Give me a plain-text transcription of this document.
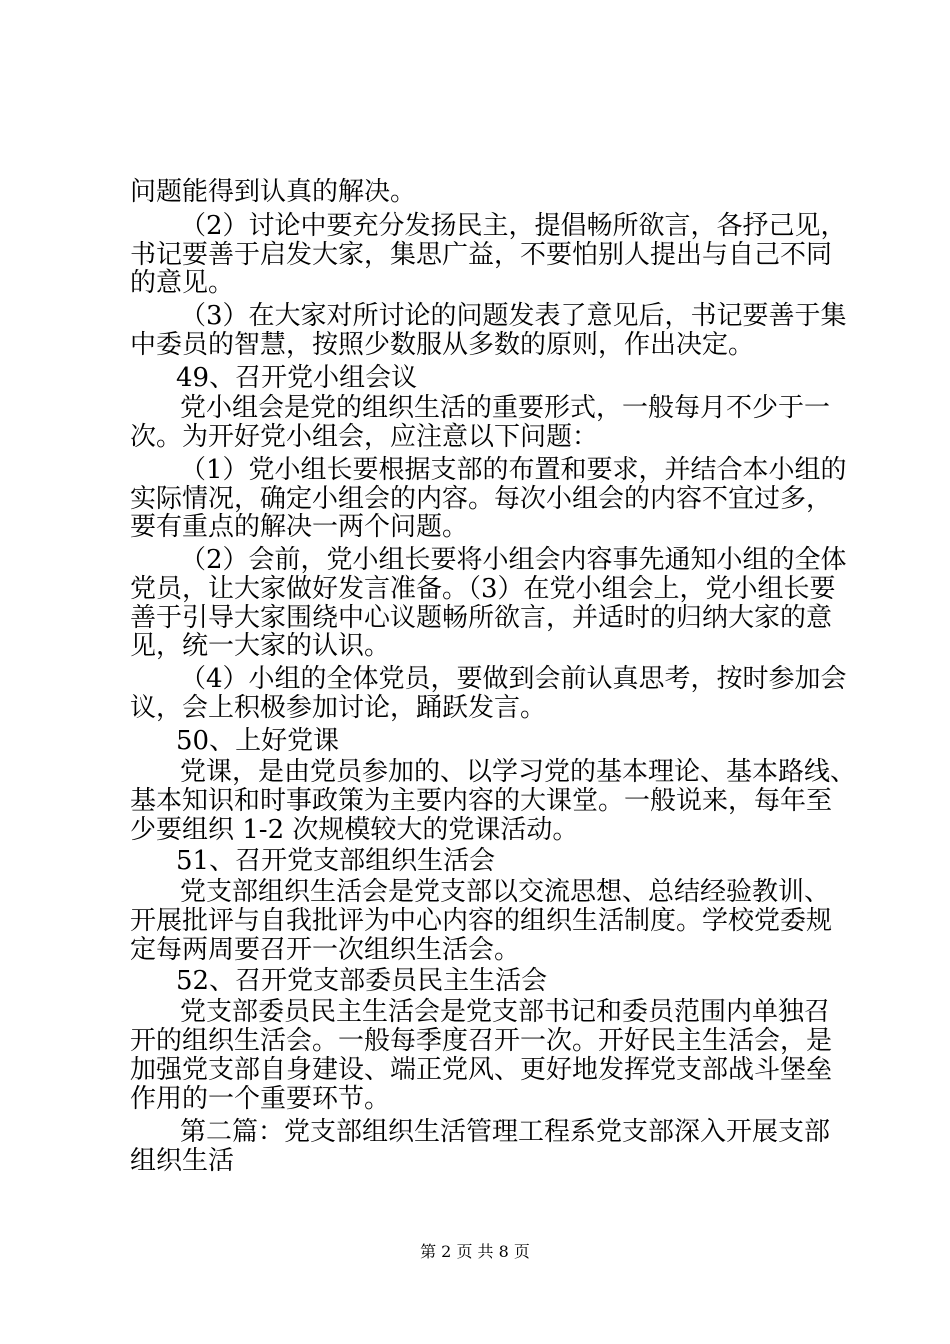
问题能得到认真的解决。
（2）讨论中要充分发扬民主，提倡畅所欲言，各抒己见，
书记要善于启发大家，集思广益，不要怕别人提出与自己不同
的意见。
（3）在大家对所讨论的问题发表了意见后，书记要善于集
中委员的智慧，按照少数服从多数的原则，作出决定。
49、召开党小组会议
党小组会是党的组织生活的重要形式，一般每月不少于一
次。为开好党小组会，应注意以下问题：
（1）党小组长要根据支部的布置和要求，并结合本小组的
实际情况，确定小组会的内容。每次小组会的内容不宜过多，
要有重点的解决一两个问题。
（2）会前，党小组长要将小组会内容事先通知小组的全体
党员，让大家做好发言准备。（3）在党小组会上，党小组长要
善于引导大家围绕中心议题畅所欲言，并适时的归纳大家的意
见，统一大家的认识。
（4）小组的全体党员，要做到会前认真思考，按时参加会
议，会上积极参加讨论，踊跃发言。
50、上好党课
党课，是由党员参加的、以学习党的基本理论、基本路线、
基本知识和时事政策为主要内容的大课堂。一般说来，每年至
少要组织 1-2 次规模较大的党课活动。
51、召开党支部组织生活会
党支部组织生活会是党支部以交流思想、总结经验教训、
开展批评与自我批评为中心内容的组织生活制度。学校党委规
定每两周要召开一次组织生活会。
52、召开党支部委员民主生活会
党支部委员民主生活会是党支部书记和委员范围内单独召
开的组织生活会。一般每季度召开一次。开好民主生活会，是
加强党支部自身建设、端正党风、更好地发挥党支部战斗堡垒
作用的一个重要环节。
第二篇：党支部组织生活管理工程系党支部深入开展支部
组织生活
第 2 页 共 8 页
